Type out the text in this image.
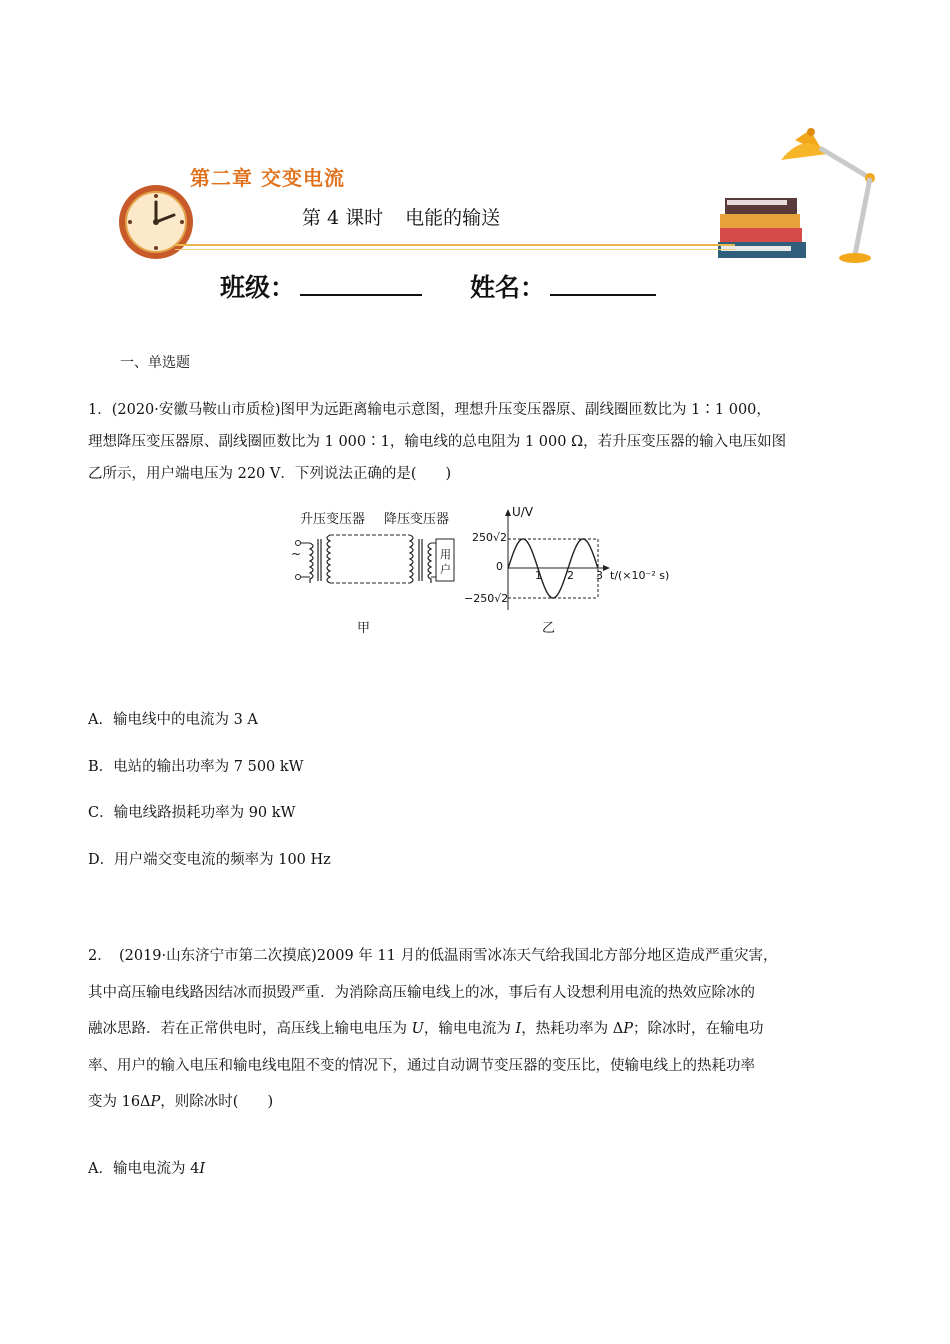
第二章 交变电流
第 4 课时 电能的输送
班级：	姓名：
一、单选题
1．(2020·安徽马鞍山市质检)图甲为远距离输电示意图，理想升压变压器原、副线圈匝数比为 1∶1 000，
理想降压变压器原、副线圈匝数比为 1 000∶1，输电线的总电阻为 1 000 Ω，若升压变压器的输入电压如图
乙所示，用户端电压为 220 V．下列说法正确的是(　　)
升压变压器 降压变压器
~	用
户
甲
U/V
250√2
0
−250√2
1 2 3 t/(×10⁻² s)
乙
A．输电线中的电流为 3 A
B．电站的输出功率为 7 500 kW
C．输电线路损耗功率为 90 kW
D．用户端交变电流的频率为 100 Hz
2．　(2019·山东济宁市第二次摸底)2009 年 11 月的低温雨雪冰冻天气给我国北方部分地区造成严重灾害，
其中高压输电线路因结冰而损毁严重．为消除高压输电线上的冰，事后有人设想利用电流的热效应除冰的
融冰思路．若在正常供电时，高压线上输电电压为 U，输电电流为 I，热耗功率为 ΔP；除冰时，在输电功
率、用户的输入电压和输电线电阻不变的情况下，通过自动调节变压器的变压比，使输电线上的热耗功率
变为 16ΔP，则除冰时(　　)
A．输电电流为 4I
